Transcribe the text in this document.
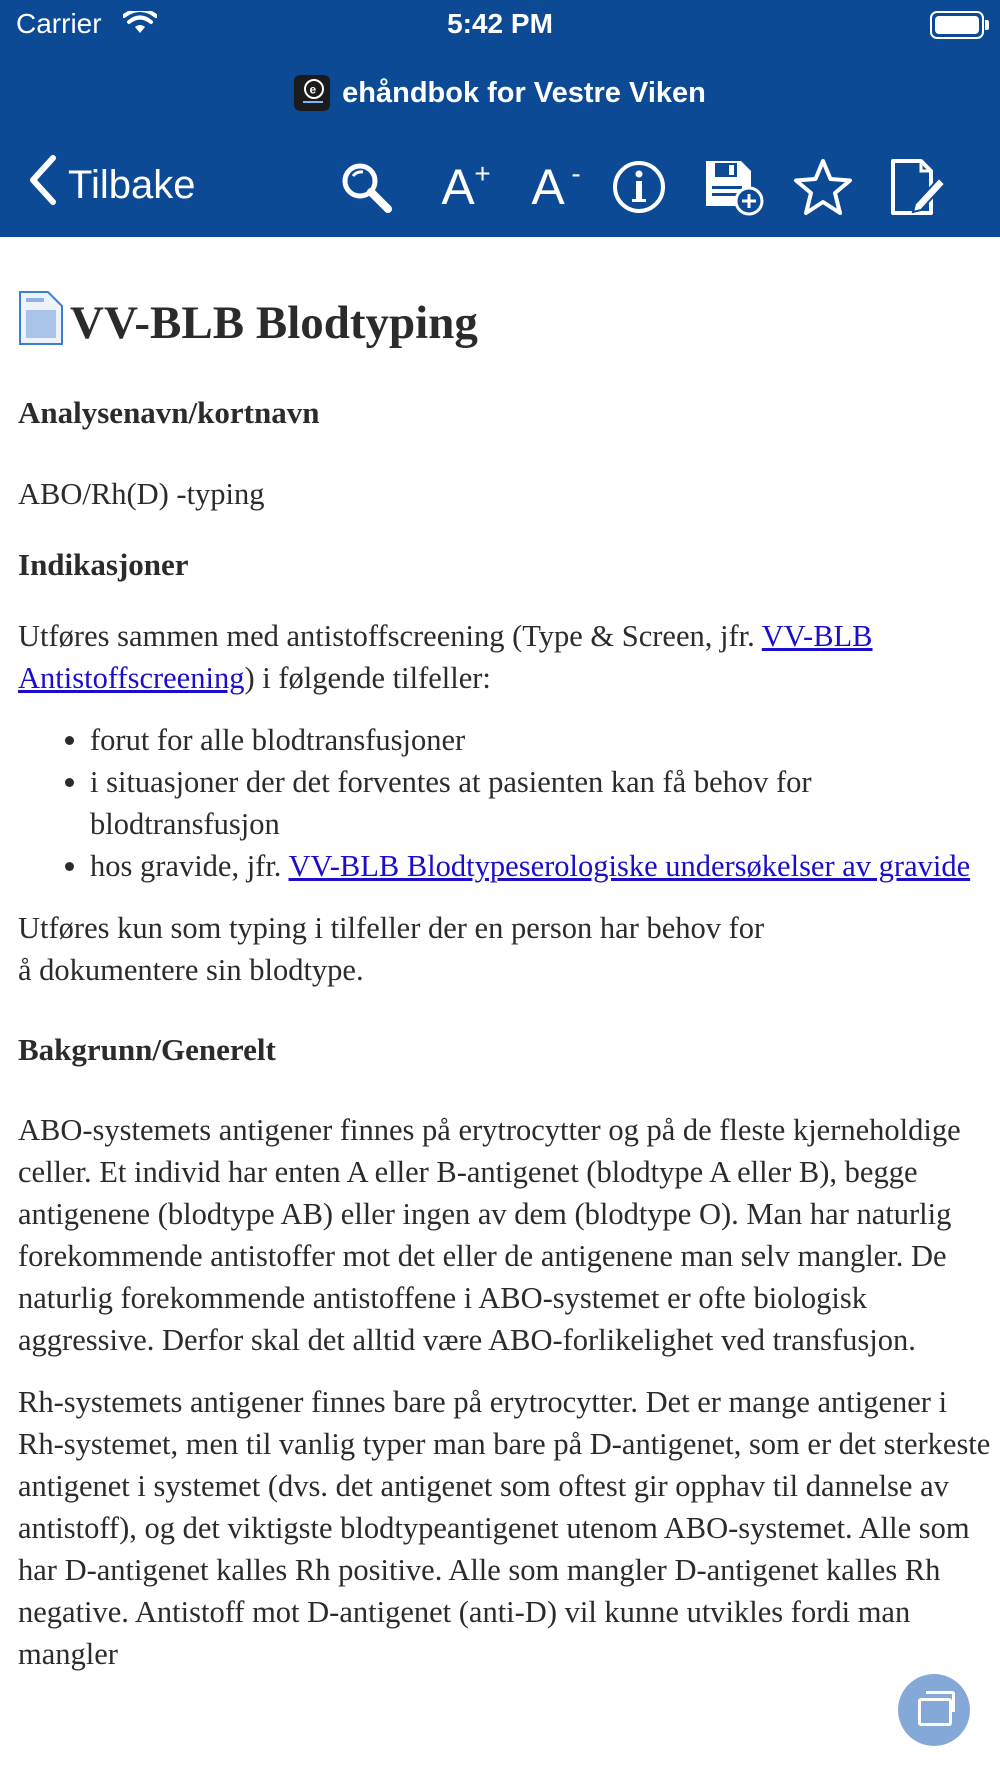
Carrier	5:42 PM
e ehåndbok for Vestre Viken
Tilbake	A + A -
VV-BLB Blodtyping
Analysenavn/kortnavn

ABO/Rh(D) -typing

Indikasjoner

Utføres sammen med antistoffscreening (Type & Screen, jfr. VV-BLB Antistoffscreening) i følgende tilfeller:

• forut for alle blodtransfusjoner
• i situasjoner der det forventes at pasienten kan få behov for blodtransfusjon
• hos gravide, jfr. VV-BLB Blodtypeserologiske undersøkelser av gravide

Utføres kun som typing i tilfeller der en person har behov for å dokumentere sin blodtype.

Bakgrunn/Generelt

ABO-systemets antigener finnes på erytrocytter og på de fleste kjerneholdige celler. Et individ har enten A eller B-antigenet (blodtype A eller B), begge antigenene (blodtype AB) eller ingen av dem (blodtype O). Man har naturlig forekommende antistoffer mot det eller de antigenene man selv mangler. De naturlig forekommende antistoffene i ABO-systemet er ofte biologisk aggressive. Derfor skal det alltid være ABO-forlikelighet ved transfusjon.

Rh-systemets antigener finnes bare på erytrocytter. Det er mange antigener i Rh-systemet, men til vanlig typer man bare på D-antigenet, som er det sterkeste antigenet i systemet (dvs. det antigenet som oftest gir opphav til dannelse av antistoff), og det viktigste blodtypeantigenet utenom ABO-systemet. Alle som har D-antigenet kalles Rh positive. Alle som mangler D-antigenet kalles Rh negative. Antistoff mot D-antigenet (anti-D) vil kunne utvikles fordi man mangler
